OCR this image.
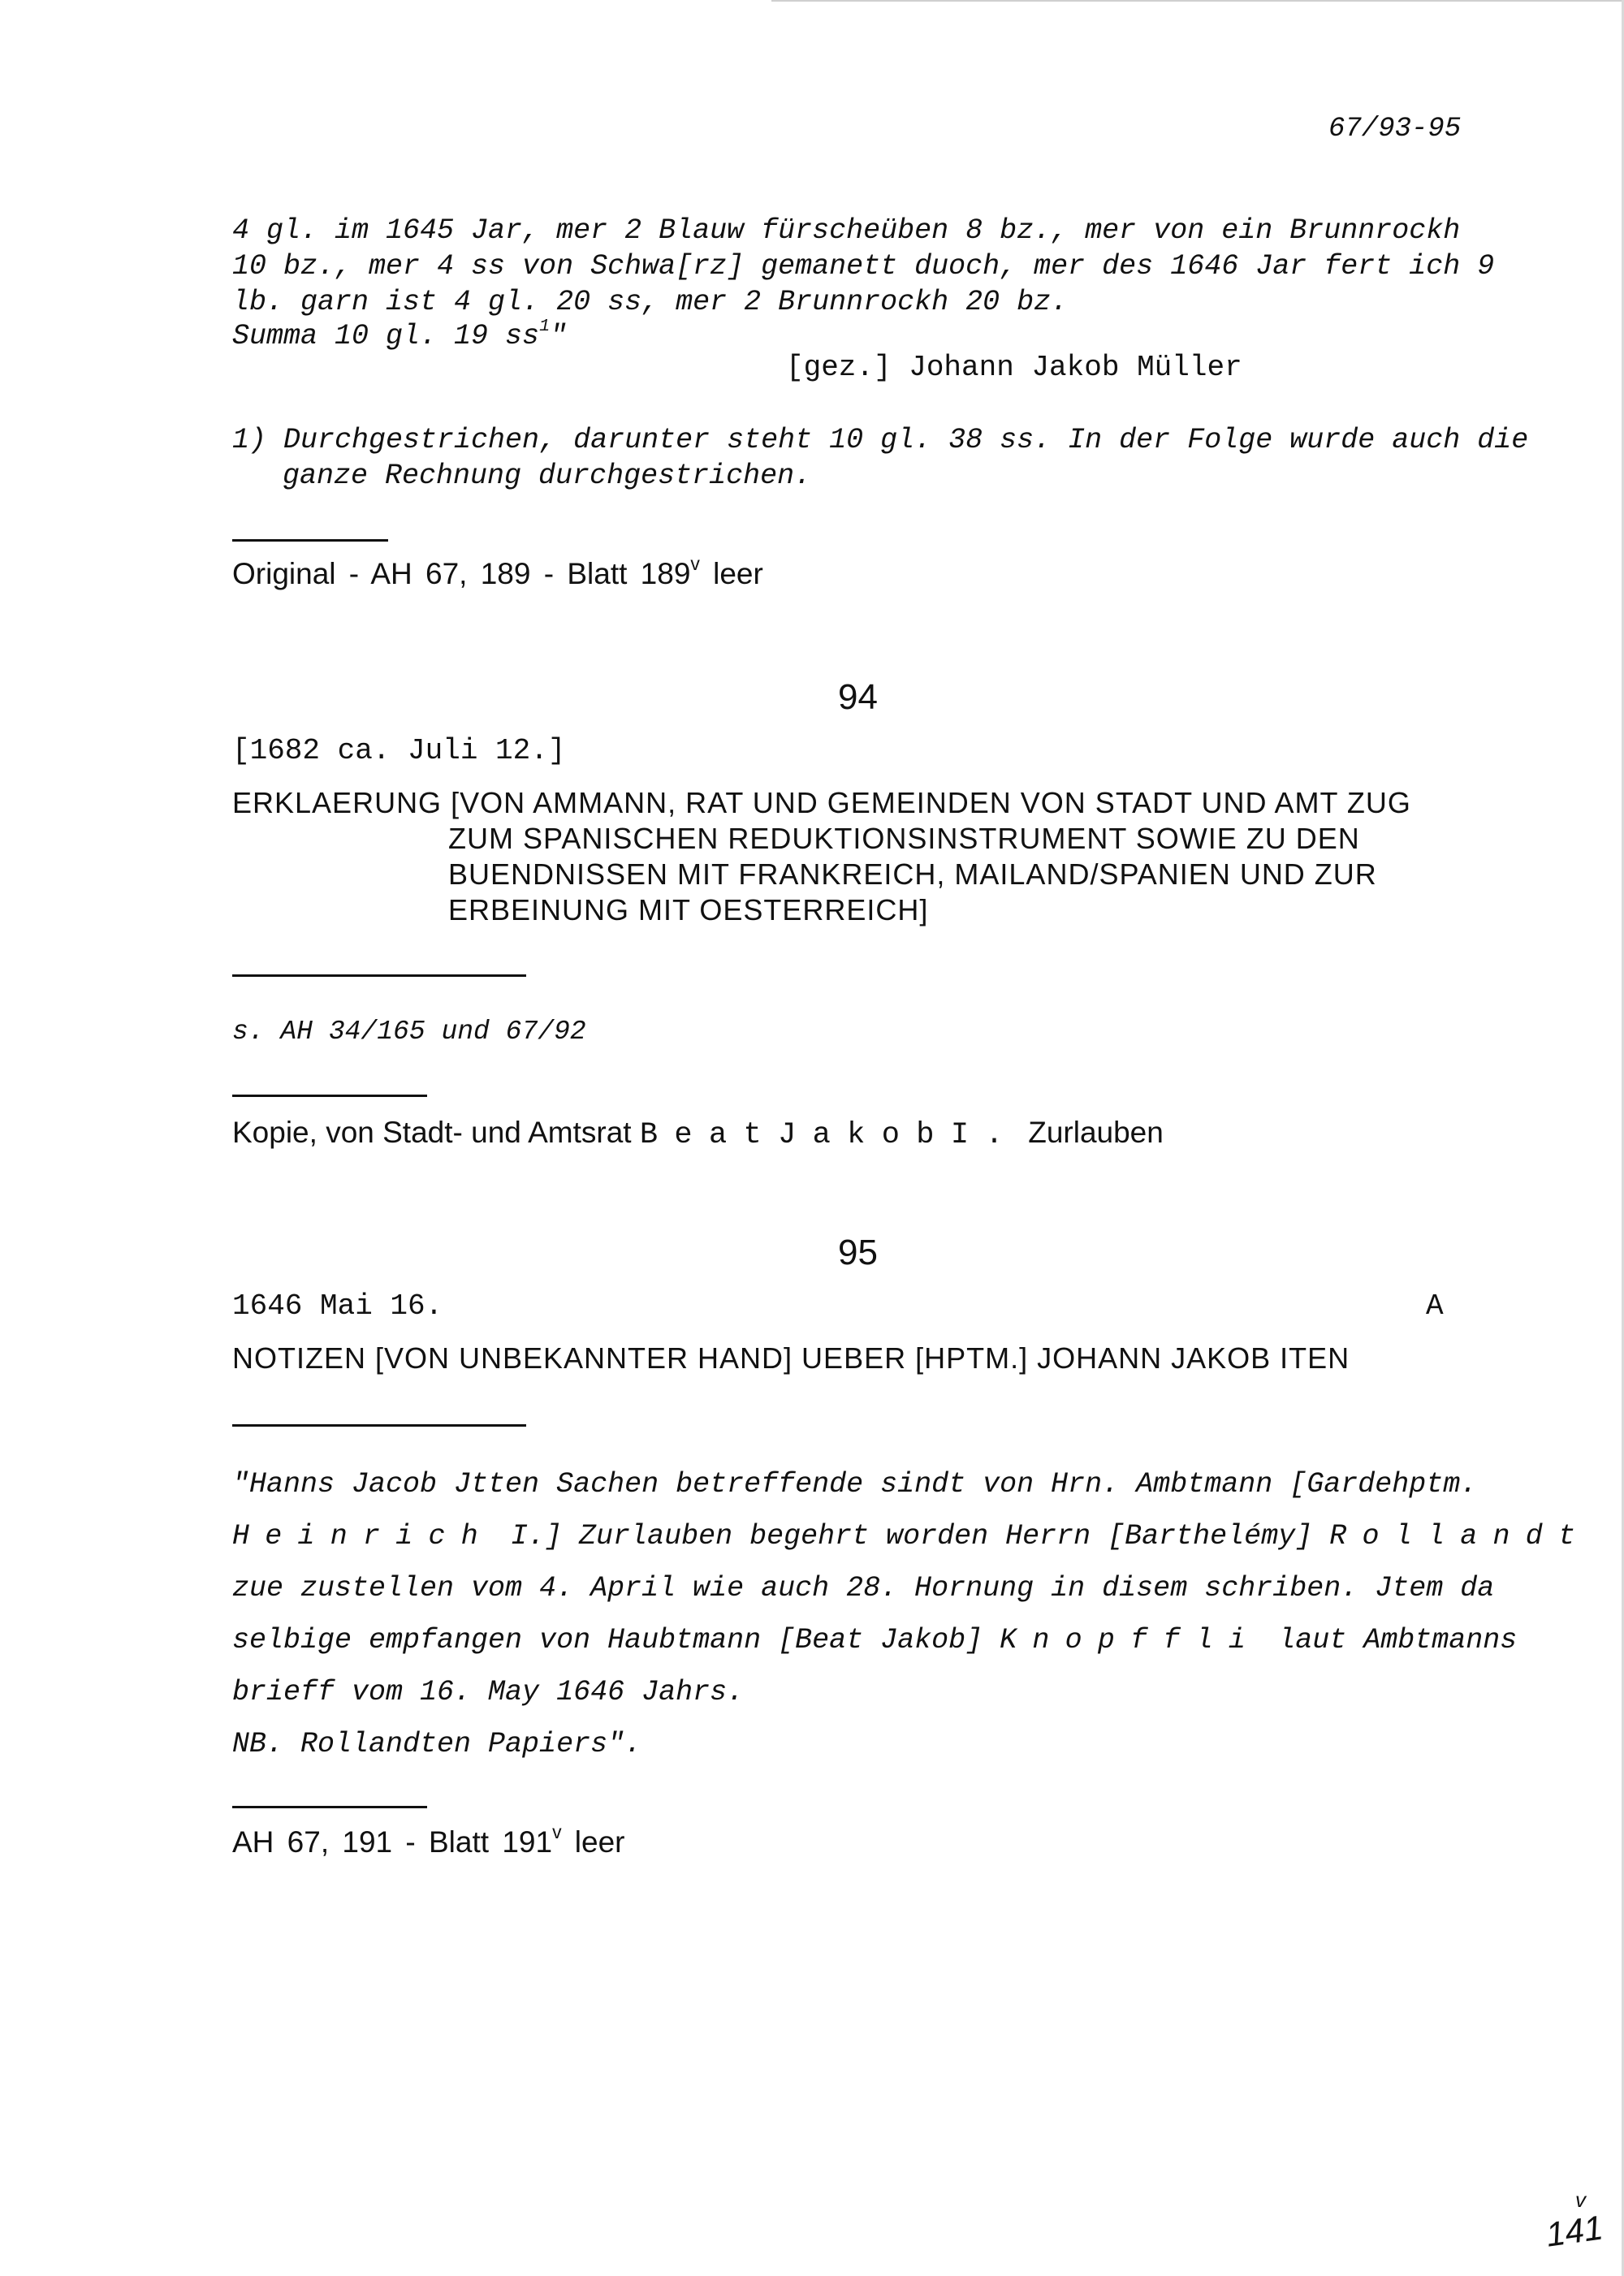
67/93-95
4 gl. im 1645 Jar, mer 2 Blauw fürscheüben 8 bz., mer von ein Brunnrockh
10 bz., mer 4 ss von Schwa[rz] gemanett duoch, mer des 1646 Jar fert ich 9
lb. garn ist 4 gl. 20 ss, mer 2 Brunnrockh 20 bz.
Summa 10 gl. 19 $ss^1$"
[gez.] Johann Jakob Müller
1) Durchgestrichen, darunter steht 10 gl. 38 ss. In der Folge wurde auch die
ganze Rechnung durchgestrichen.
Original - AH 67, 189 - Blatt 189$^v$ leer
94
[1682 ca. Juli 12.]
ERKLAERUNG [VON AMMANN, RAT UND GEMEINDEN VON STADT UND AMT ZUG
ZUM SPANISCHEN REDUKTIONSINSTRUMENT SOWIE ZU DEN
BUENDNISSEN MIT FRANKREICH, MAILAND/SPANIEN UND ZUR
ERBEINUNG MIT OESTERREICH]
s. AH 34/165 und 67/92
Kopie, von Stadt- und Amtsrat BeatJakobI. Zurlauben
95
1646 Mai 16.	A
NOTIZEN [VON UNBEKANNTER HAND] UEBER [HPTM.] JOHANN JAKOB ITEN
"Hanns Jacob Jtten Sachen betreffende sindt von Hrn. Ambtmann [Gardehptm.
Heinrich I.] Zurlauben begehrt worden Herrn [Barthelémy] Rollandt
zue zustellen vom 4. April wie auch 28. Hornung in disem schriben. Jtem da
selbige empfangen von Haubtmann [Beat Jakob] Knopffli laut Ambtmanns
brieff vom 16. May 1646 Jahrs.
NB. Rollandten Papiers".
AH 67, 191 - Blatt 191$^v$ leer
v
141
